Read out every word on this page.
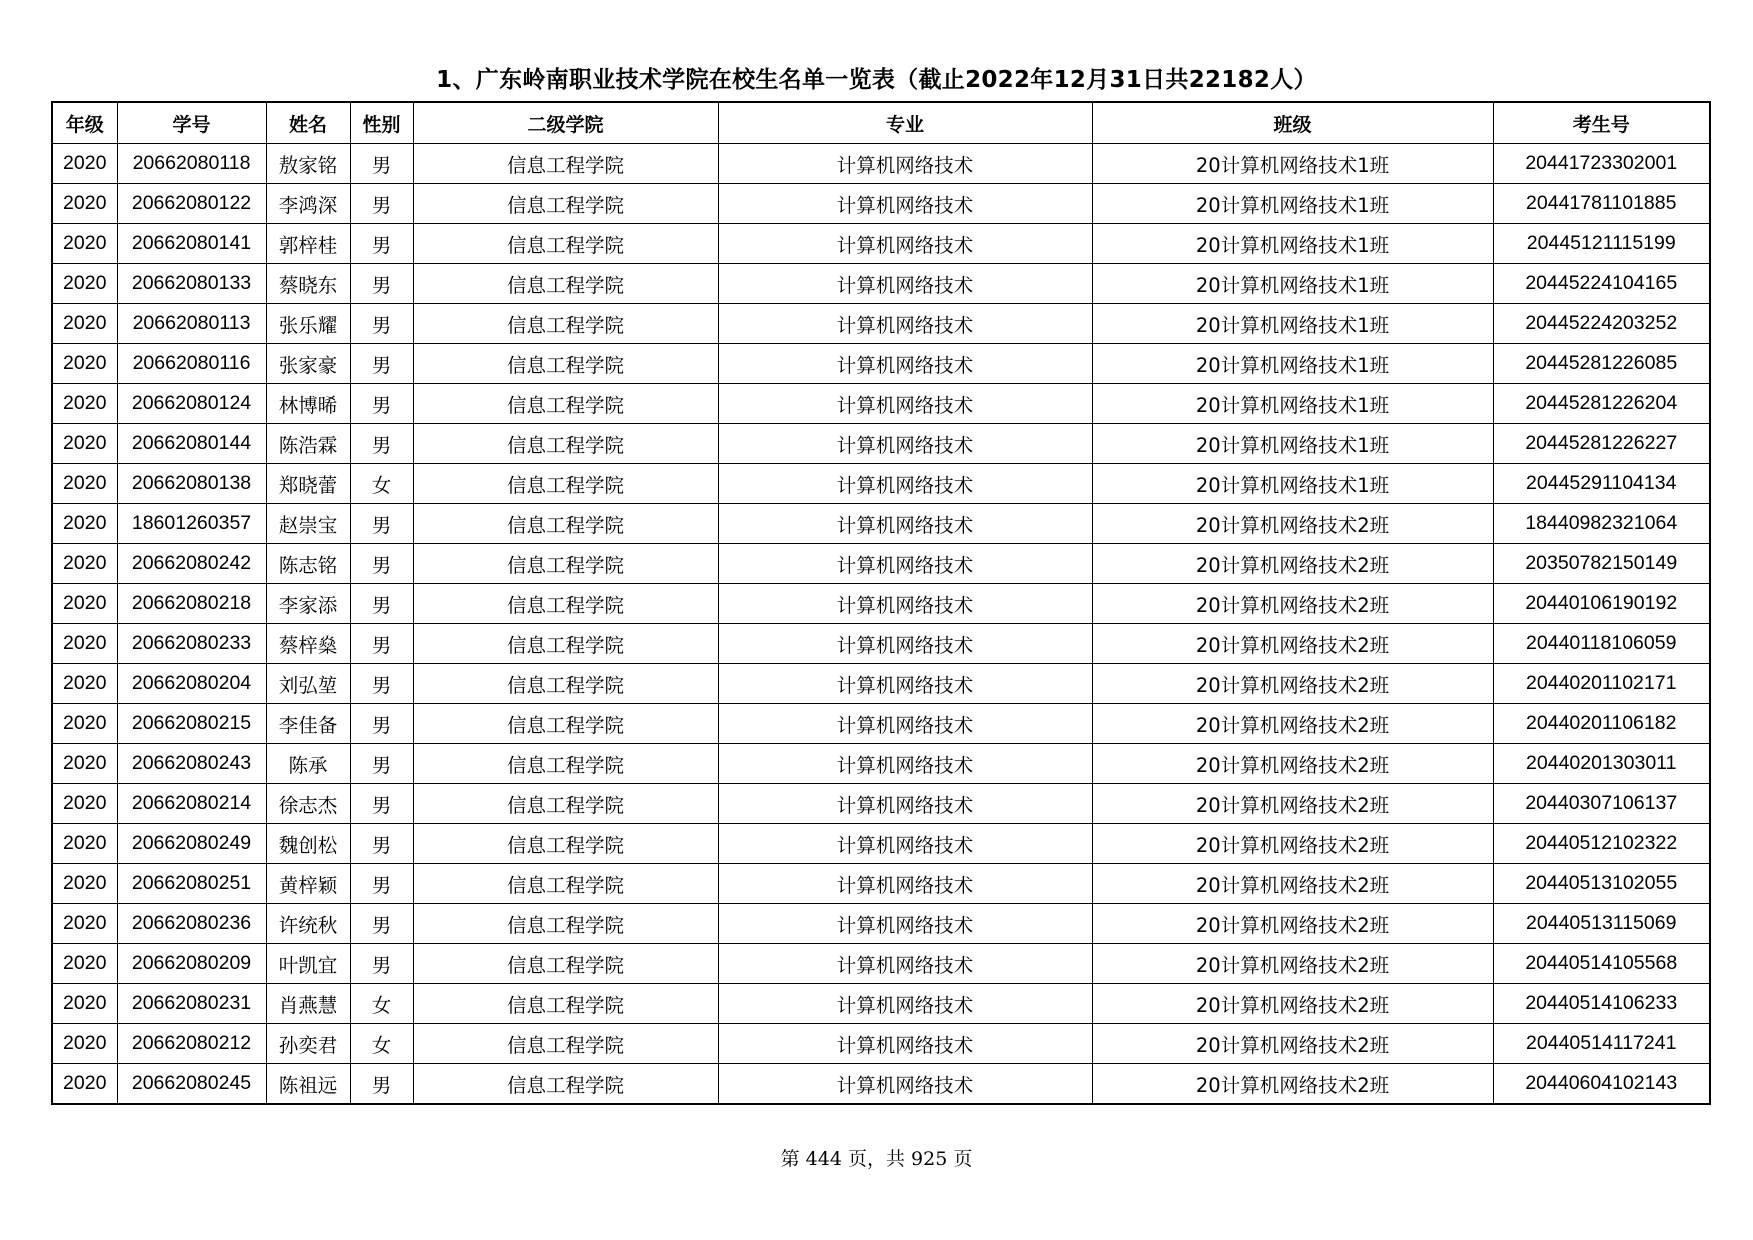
1、广东岭南职业技术学院在校生名单一览表（截止2022年12月31日共22182人）
年级	学号	姓名	性别	二级学院	专业	班级	考生号
2020	20662080118	敖家铭	男	信息工程学院	计算机网络技术	20计算机网络技术1班	20441723302001
2020	20662080122	李鸿深	男	信息工程学院	计算机网络技术	20计算机网络技术1班	20441781101885
2020	20662080141	郭梓桂	男	信息工程学院	计算机网络技术	20计算机网络技术1班	20445121115199
2020	20662080133	蔡晓东	男	信息工程学院	计算机网络技术	20计算机网络技术1班	20445224104165
2020	20662080113	张乐耀	男	信息工程学院	计算机网络技术	20计算机网络技术1班	20445224203252
2020	20662080116	张家豪	男	信息工程学院	计算机网络技术	20计算机网络技术1班	20445281226085
2020	20662080124	林博晞	男	信息工程学院	计算机网络技术	20计算机网络技术1班	20445281226204
2020	20662080144	陈浩霖	男	信息工程学院	计算机网络技术	20计算机网络技术1班	20445281226227
2020	20662080138	郑晓蕾	女	信息工程学院	计算机网络技术	20计算机网络技术1班	20445291104134
2020	18601260357	赵崇宝	男	信息工程学院	计算机网络技术	20计算机网络技术2班	18440982321064
2020	20662080242	陈志铭	男	信息工程学院	计算机网络技术	20计算机网络技术2班	20350782150149
2020	20662080218	李家添	男	信息工程学院	计算机网络技术	20计算机网络技术2班	20440106190192
2020	20662080233	蔡梓燊	男	信息工程学院	计算机网络技术	20计算机网络技术2班	20440118106059
2020	20662080204	刘弘堃	男	信息工程学院	计算机网络技术	20计算机网络技术2班	20440201102171
2020	20662080215	李佳备	男	信息工程学院	计算机网络技术	20计算机网络技术2班	20440201106182
2020	20662080243	陈承	男	信息工程学院	计算机网络技术	20计算机网络技术2班	20440201303011
2020	20662080214	徐志杰	男	信息工程学院	计算机网络技术	20计算机网络技术2班	20440307106137
2020	20662080249	魏创松	男	信息工程学院	计算机网络技术	20计算机网络技术2班	20440512102322
2020	20662080251	黄梓颖	男	信息工程学院	计算机网络技术	20计算机网络技术2班	20440513102055
2020	20662080236	许统秋	男	信息工程学院	计算机网络技术	20计算机网络技术2班	20440513115069
2020	20662080209	叶凯宜	男	信息工程学院	计算机网络技术	20计算机网络技术2班	20440514105568
2020	20662080231	肖燕慧	女	信息工程学院	计算机网络技术	20计算机网络技术2班	20440514106233
2020	20662080212	孙奕君	女	信息工程学院	计算机网络技术	20计算机网络技术2班	20440514117241
2020	20662080245	陈祖远	男	信息工程学院	计算机网络技术	20计算机网络技术2班	20440604102143
第 444 页，共 925 页
